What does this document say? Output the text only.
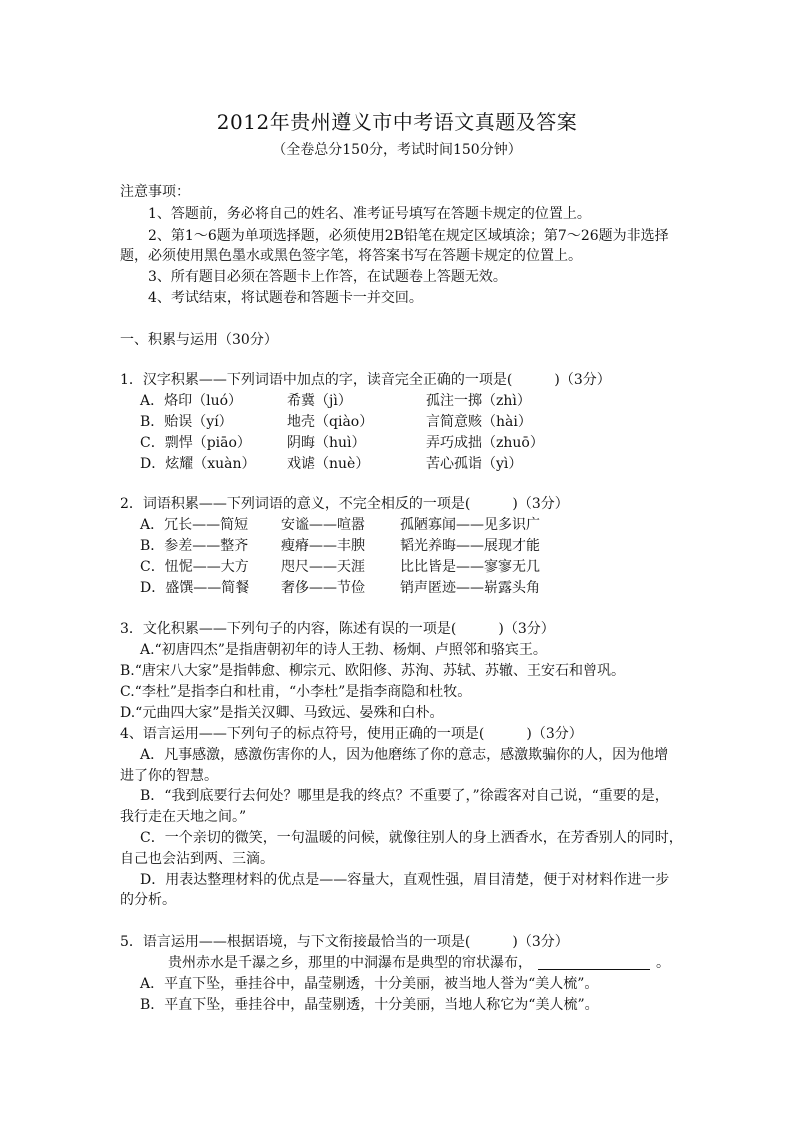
2012年贵州遵义市中考语文真题及答案
（全卷总分150分，考试时间150分钟）
注意事项：
1、答题前，务必将自己的姓名、准考证号填写在答题卡规定的位置上。
2、第1～6题为单项选择题，必须使用2B铅笔在规定区域填涂；第7～26题为非选择
题，必须使用黑色墨水或黑色签字笔，将答案书写在答题卡规定的位置上。
3、所有题目必须在答题卡上作答，在试题卷上答题无效。
4、考试结束，将试题卷和答题卡一并交回。
一、积累与运用（30分）
1．汉字积累——下列词语中加点的字，读音完全正确的一项是(　　　)（3分）
A．烙印（luó）	希冀（jì）	孤注一掷（zhì）
B．贻误（yí）	地壳（qiào）	言简意赅（hài）
C．剽悍（piāo）	阴晦（huì）	弄巧成拙（zhuō）
D．炫耀（xuàn） 戏谑（nuè）	苦心孤诣（yì）
2．词语积累——下列词语的意义，不完全相反的一项是(　　　)（3分）
A．冗长——简短 安谧——喧嚣	孤陋寡闻——见多识广
B．参差——整齐 瘦瘠——丰腴	韬光养晦——展现才能
C．忸怩——大方 咫尺——天涯	比比皆是——寥寥无几
D．盛馔——简餐 奢侈——节俭	销声匿迹——崭露头角
3．文化积累——下列句子的内容，陈述有误的一项是(　　　)（3分）
A.“初唐四杰”是指唐朝初年的诗人王勃、杨炯、卢照邻和骆宾王。
B.“唐宋八大家”是指韩愈、柳宗元、欧阳修、苏洵、苏轼、苏辙、王安石和曾巩。
C.“李杜”是指李白和杜甫，“小李杜”是指李商隐和杜牧。
D.“元曲四大家”是指关汉卿、马致远、晏殊和白朴。
4、语言运用——下列句子的标点符号，使用正确的一项是(　　　)（3分）
A．凡事感激，感激伤害你的人，因为他磨练了你的意志，感激欺骗你的人，因为他增
进了你的智慧。
B．“我到底要行去何处？哪里是我的终点？不重要了，”徐霞客对自己说，“重要的是，
我行走在天地之间。”
C．一个亲切的微笑，一句温暖的问候，就像往别人的身上洒香水，在芳香别人的同时，
自己也会沾到两、三滴。
D．用表达整理材料的优点是——容量大，直观性强，眉目清楚，便于对材料作进一步
的分析。
5．语言运用——根据语境，与下文衔接最恰当的一项是(　　　)（3分）
贵州赤水是千瀑之乡，那里的中洞瀑布是典型的帘状瀑布，	。
A．平直下坠，垂挂谷中，晶莹剔透，十分美丽，被当地人誉为“美人梳”。
B．平直下坠，垂挂谷中，晶莹剔透，十分美丽，当地人称它为“美人梳”。
